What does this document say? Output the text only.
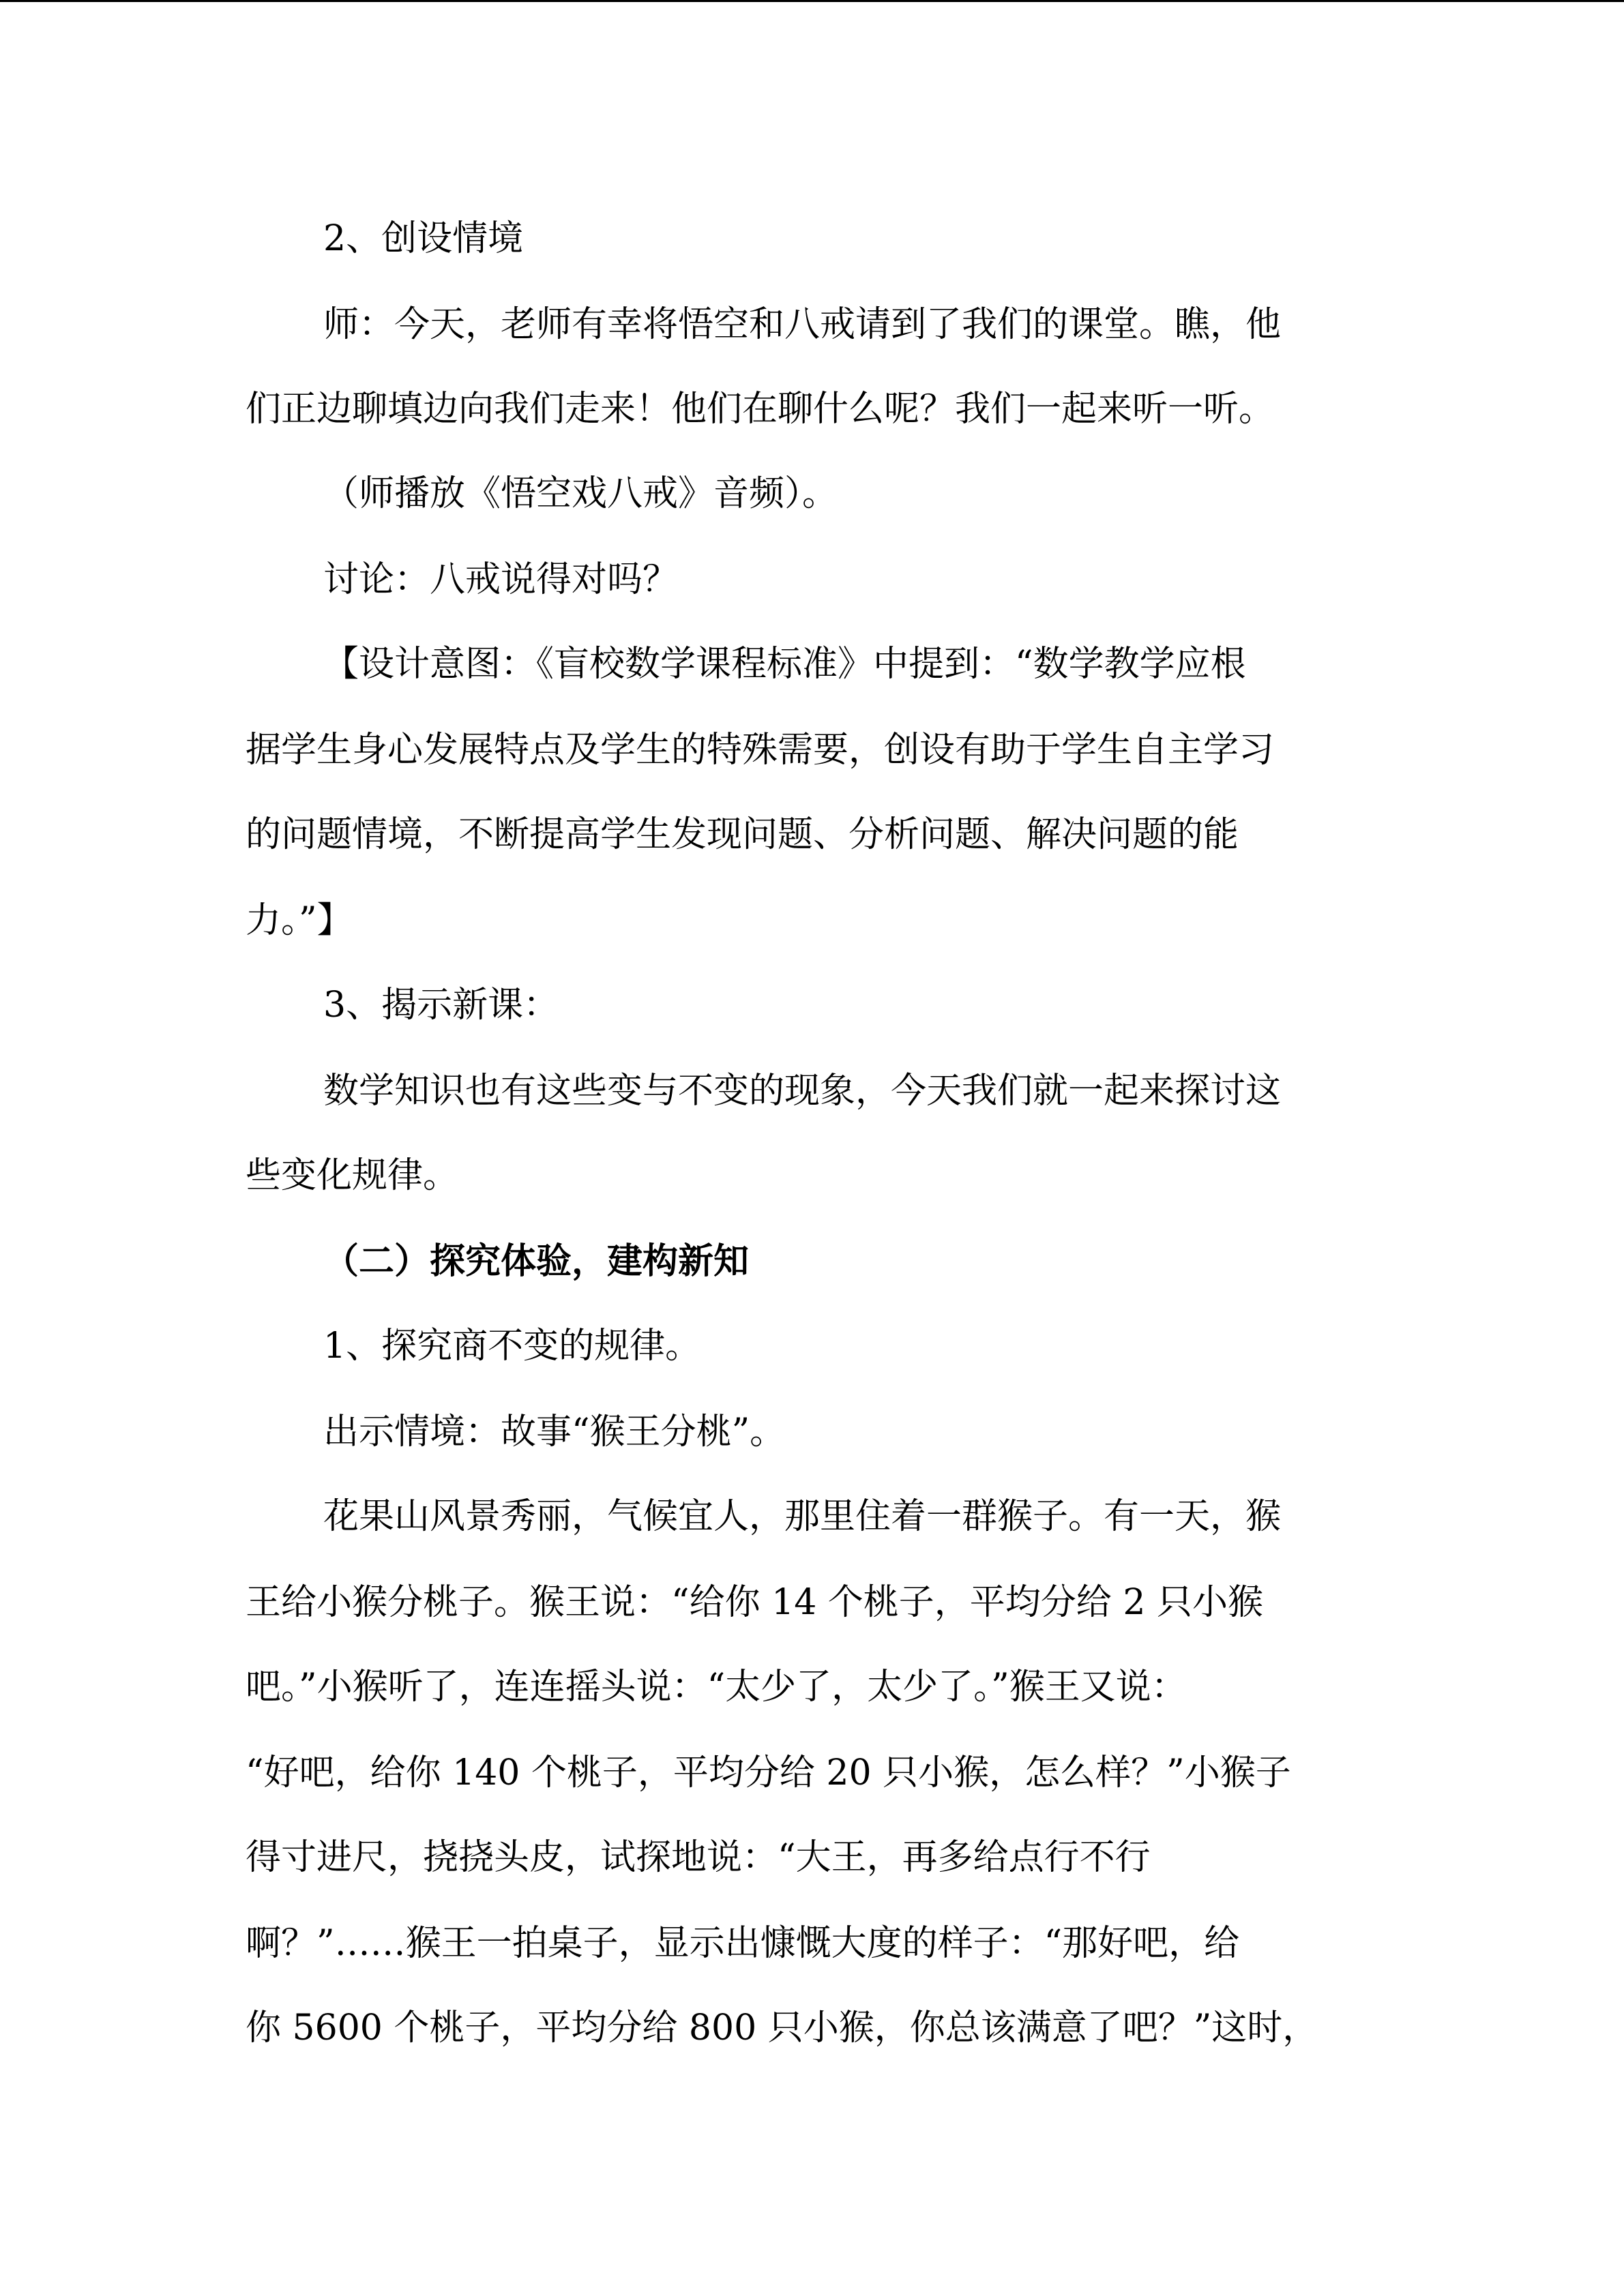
2、创设情境

师：今天，老师有幸将悟空和八戒请到了我们的课堂。瞧，他

们正边聊填边向我们走来！他们在聊什么呢？我们一起来听一听。

（师播放《悟空戏八戒》音频）。

讨论：八戒说得对吗？

【设计意图：《盲校数学课程标准》中提到：“数学教学应根

据学生身心发展特点及学生的特殊需要，创设有助于学生自主学习

的问题情境，不断提高学生发现问题、分析问题、解决问题的能

力。”】

3、揭示新课：

数学知识也有这些变与不变的现象，今天我们就一起来探讨这

些变化规律。

（二）探究体验，建构新知

1、探究商不变的规律。

出示情境：故事“猴王分桃”。

花果山风景秀丽，气候宜人，那里住着一群猴子。有一天，猴

王给小猴分桃子。猴王说：“给你 14 个桃子，平均分给 2 只小猴

吧。”小猴听了，连连摇头说：“太少了，太少了。”猴王又说：

“好吧，给你 140 个桃子，平均分给 20 只小猴，怎么样？”小猴子

得寸进尺，挠挠头皮，试探地说：“大王，再多给点行不行

啊？”……猴王一拍桌子，显示出慷慨大度的样子：“那好吧，给

你 5600 个桃子，平均分给 800 只小猴，你总该满意了吧？”这时，
